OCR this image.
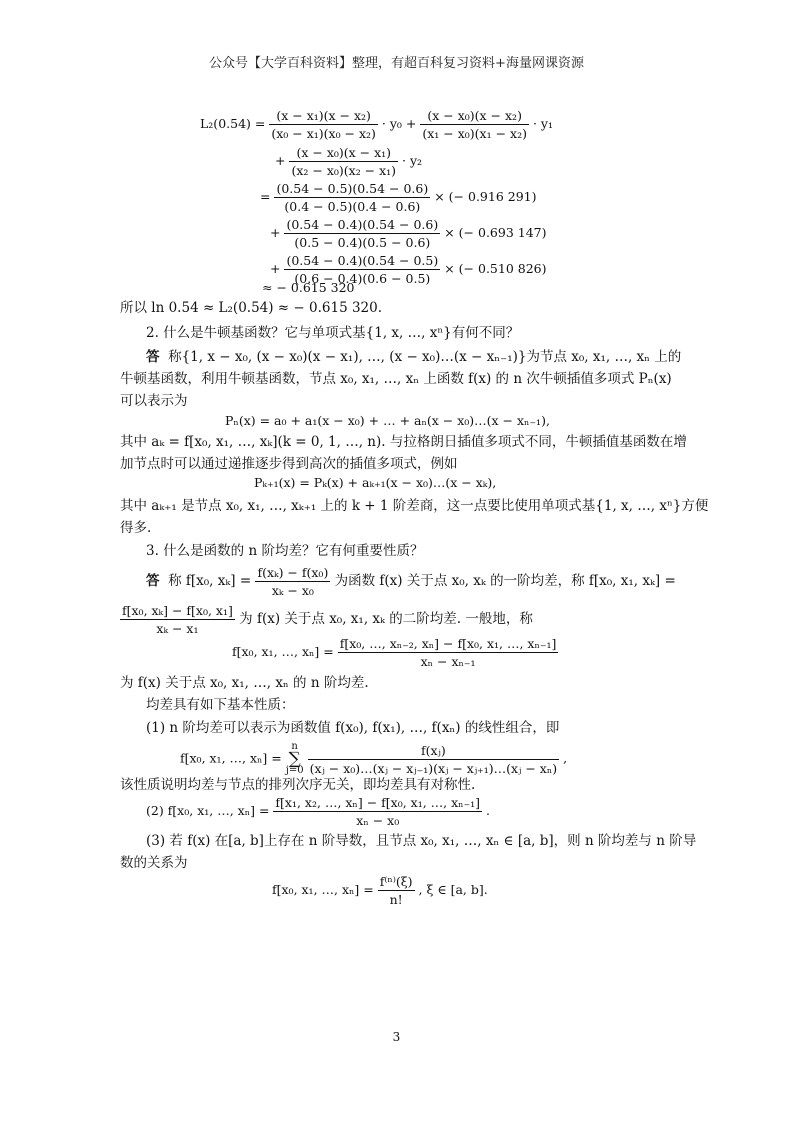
公众号【大学百科资料】整理，有超百科复习资料+海量网课资源
$L_2(0.54) = \frac{\text{(x − x₁)(x − x₂)}}{\text{(x₀ − x₁)(x₀ − x₂)}} \cdot y_0 + \frac{\text{(x − x₀)(x − x₂)}}{\text{(x₁ − x₀)(x₁ − x₂)}} \cdot y_1$
+ $\frac{\text{(x − x₀)(x − x₁)}}{\text{(x₂ − x₀)(x₂ − x₁)}} \cdot y_2$
= $\frac{(0.54 - 0.5)(0.54 - 0.6)}{(0.4 - 0.5)(0.4 - 0.6)}$ × (− 0.916 291)
+ $\frac{(0.54 - 0.4)(0.54 - 0.6)}{(0.5 - 0.4)(0.5 - 0.6)}$ × (− 0.693 147)
+ $\frac{(0.54 - 0.4)(0.54 - 0.5)}{(0.6 - 0.4)(0.6 - 0.5)}$ × (− 0.510 826)
≈ − 0.615 320
所以 ln 0.54 ≈ L₂(0.54) ≈ − 0.615 320.
2. 什么是牛顿基函数？它与单项式基{1, x, …, xⁿ}有何不同？
答 称{1, x − x₀, (x − x₀)(x − x₁), …, (x − x₀)…(x − xₙ₋₁)}为节点 x₀, x₁, …, xₙ 上的
牛顿基函数，利用牛顿基函数，节点 x₀, x₁, …, xₙ 上函数 f(x) 的 n 次牛顿插值多项式 Pₙ(x)
可以表示为
Pₙ(x) = a₀ + a₁(x − x₀) + … + aₙ(x − x₀)…(x − xₙ₋₁),
其中 aₖ = f[x₀, x₁, …, xₖ](k = 0, 1, …, n). 与拉格朗日插值多项式不同，牛顿插值基函数在增
加节点时可以通过递推逐步得到高次的插值多项式，例如
Pₖ₊₁(x) = Pₖ(x) + aₖ₊₁(x − x₀)…(x − xₖ),
其中 aₖ₊₁ 是节点 x₀, x₁, …, xₖ₊₁ 上的 k + 1 阶差商，这一点要比使用单项式基{1, x, …, xⁿ}方便
得多.
3. 什么是函数的 n 阶均差？它有何重要性质？
答 称 f[x₀, $x_k] = \frac{\text{f(xₖ) − f(x₀)}}{\text{xₖ − x₀}}$ 为函数 f(x) 关于点 x₀, xₖ 的一阶均差，称 f[x₀, x₁, xₖ] =
$\frac{\text{f[x₀, xₖ] − f[x₀, x₁]}}{\text{xₖ − x₁}}$ 为 f(x) 关于点 x₀, x₁, xₖ 的二阶均差. 一般地，称
f[x₀, x₁, …, $x_n] = \frac{\text{f[x₀, …, xₙ₋₂, xₙ] − f[x₀, x₁, …, xₙ₋₁]}}{\text{xₙ − xₙ₋₁}}$
为 f(x) 关于点 x₀, x₁, …, xₙ 的 n 阶均差.
均差具有如下基本性质：
(1) n 阶均差可以表示为函数值 f(x₀), f(x₁), …, f(xₙ) 的线性组合，即
f[x₀, x₁, …, xₙ] =
n
∑
j=0
$\frac{\text{f(xⱼ)}}{\text{(xⱼ − x₀)…(xⱼ − xⱼ₋₁)(xⱼ − xⱼ₊₁)…(xⱼ − xₙ)}}$ ,
该性质说明均差与节点的排列次序无关，即均差具有对称性.
(2) f[x₀, x₁, …, $x_n] = \frac{\text{f[x₁, x₂, …, xₙ] − f[x₀, x₁, …, xₙ₋₁]}}{\text{xₙ − x₀}}$ .
(3) 若 f(x) 在[a, b]上存在 n 阶导数，且节点 x₀, x₁, …, xₙ ∈ [a, b]，则 n 阶均差与 n 阶导
数的关系为
f[x₀, x₁, …, $x_n] = \frac{\text{f⁽ⁿ⁾(ξ)}}{n!}$ , ξ ∈ [a, b].
3
